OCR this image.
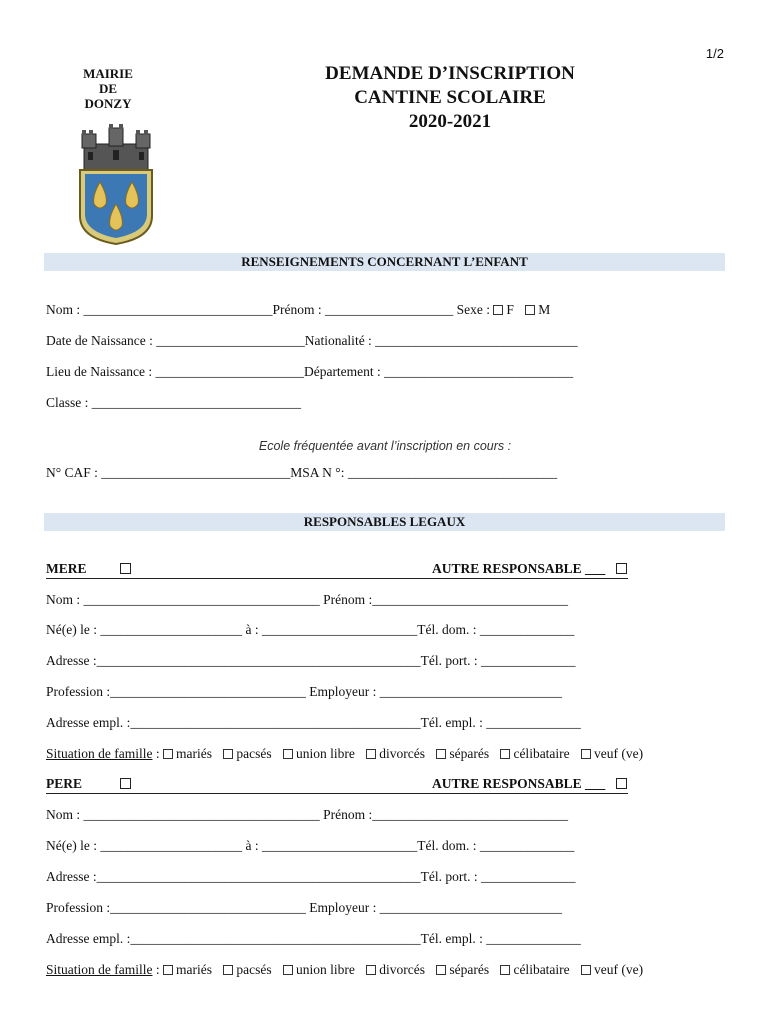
1/2
MAIRIE
DE
DONZY
DEMANDE D’INSCRIPTION
CANTINE SCOLAIRE
2020-2021
RENSEIGNEMENTS CONCERNANT L’ENFANT
Nom : ____________________________Prénom : ___________________ Sexe : F M
Date de Naissance : ______________________Nationalité : ______________________________
Lieu de Naissance : ______________________Département : ____________________________
Classe : _______________________________
Ecole fréquentée avant l’inscription en cours :
N° CAF : ____________________________MSA N °: _______________________________
RESPONSABLES LEGAUX
MERE	AUTRE RESPONSABLE ___
Nom : ___________________________________ Prénom :_____________________________
Né(e) le : _____________________ à : _______________________Tél. dom. : ______________
Adresse :________________________________________________Tél. port. : ______________
Profession :_____________________________ Employeur : ___________________________
Adresse empl. :___________________________________________Tél. empl. : ______________
Situation de famille : mariés pacsés union libre divorcés séparés célibataire veuf (ve)
PERE	AUTRE RESPONSABLE ___
Nom : ___________________________________ Prénom :_____________________________
Né(e) le : _____________________ à : _______________________Tél. dom. : ______________
Adresse :________________________________________________Tél. port. : ______________
Profession :_____________________________ Employeur : ___________________________
Adresse empl. :___________________________________________Tél. empl. : ______________
Situation de famille : mariés pacsés union libre divorcés séparés célibataire veuf (ve)
